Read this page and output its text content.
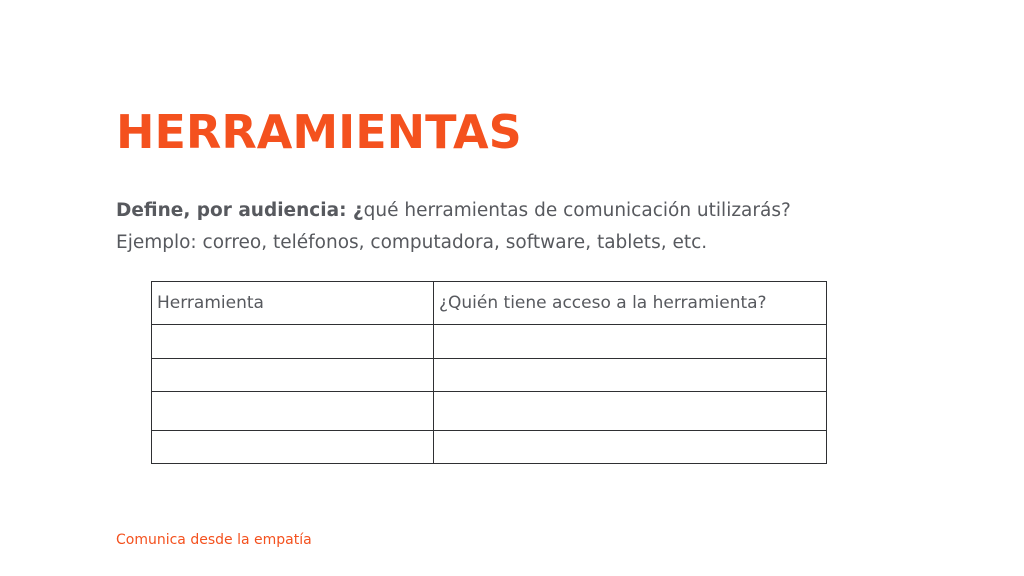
HERRAMIENTAS
Define, por audiencia: ¿qué herramientas de comunicación utilizarás?
Ejemplo: correo, teléfonos, computadora, software, tablets, etc.
Herramienta	¿Quién tiene acceso a la herramienta?

Comunica desde la empatía
